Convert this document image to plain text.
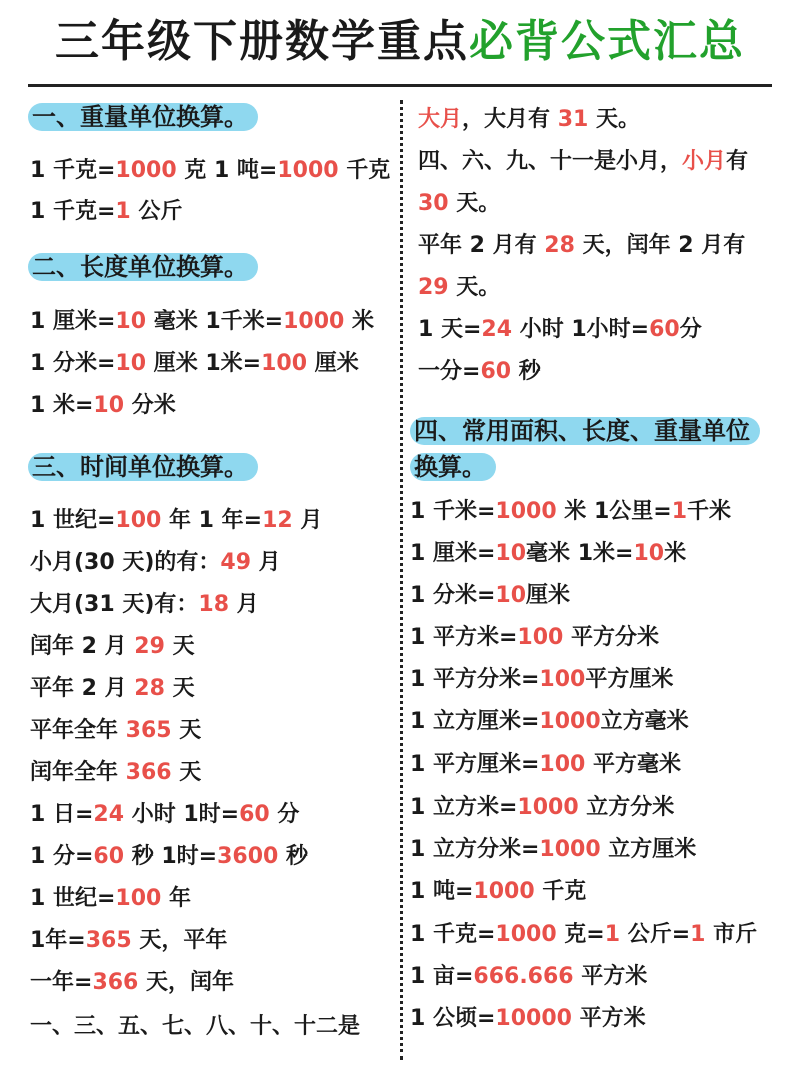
三年级下册数学重点必背公式汇总
一、重量单位换算。
1 千克=1000 克 1 吨=1000 千克
1 千克=1 公斤
二、长度单位换算。
1 厘米=10 毫米 1千米=1000 米
1 分米=10 厘米 1米=100 厘米
1 米=10 分米
三、时间单位换算。
1 世纪=100 年 1 年=12 月
小月(30 天)的有：49 月
大月(31 天)有：18 月
闰年 2 月 29 天
平年 2 月 28 天
平年全年 365 天
闰年全年 366 天
1 日=24 小时 1时=60 分
1 分=60 秒 1时=3600 秒
1 世纪=100 年
1年=365 天，平年
一年=366 天，闰年
一、三、五、七、八、十、十二是
大月，大月有 31 天。
四、六、九、十一是小月，小月有
30 天。
平年 2 月有 28 天，闰年 2 月有
29 天。
1 天=24 小时 1小时=60分
一分=60 秒
四、常用面积、长度、重量单位
换算。
1 千米=1000 米 1公里=1千米
1 厘米=10毫米 1米=10米
1 分米=10厘米
1 平方米=100 平方分米
1 平方分米=100平方厘米
1 立方厘米=1000立方毫米
1 平方厘米=100 平方毫米
1 立方米=1000 立方分米
1 立方分米=1000 立方厘米
1 吨=1000 千克
1 千克=1000 克=1 公斤=1 市斤
1 亩=666.666 平方米
1 公顷=10000 平方米
